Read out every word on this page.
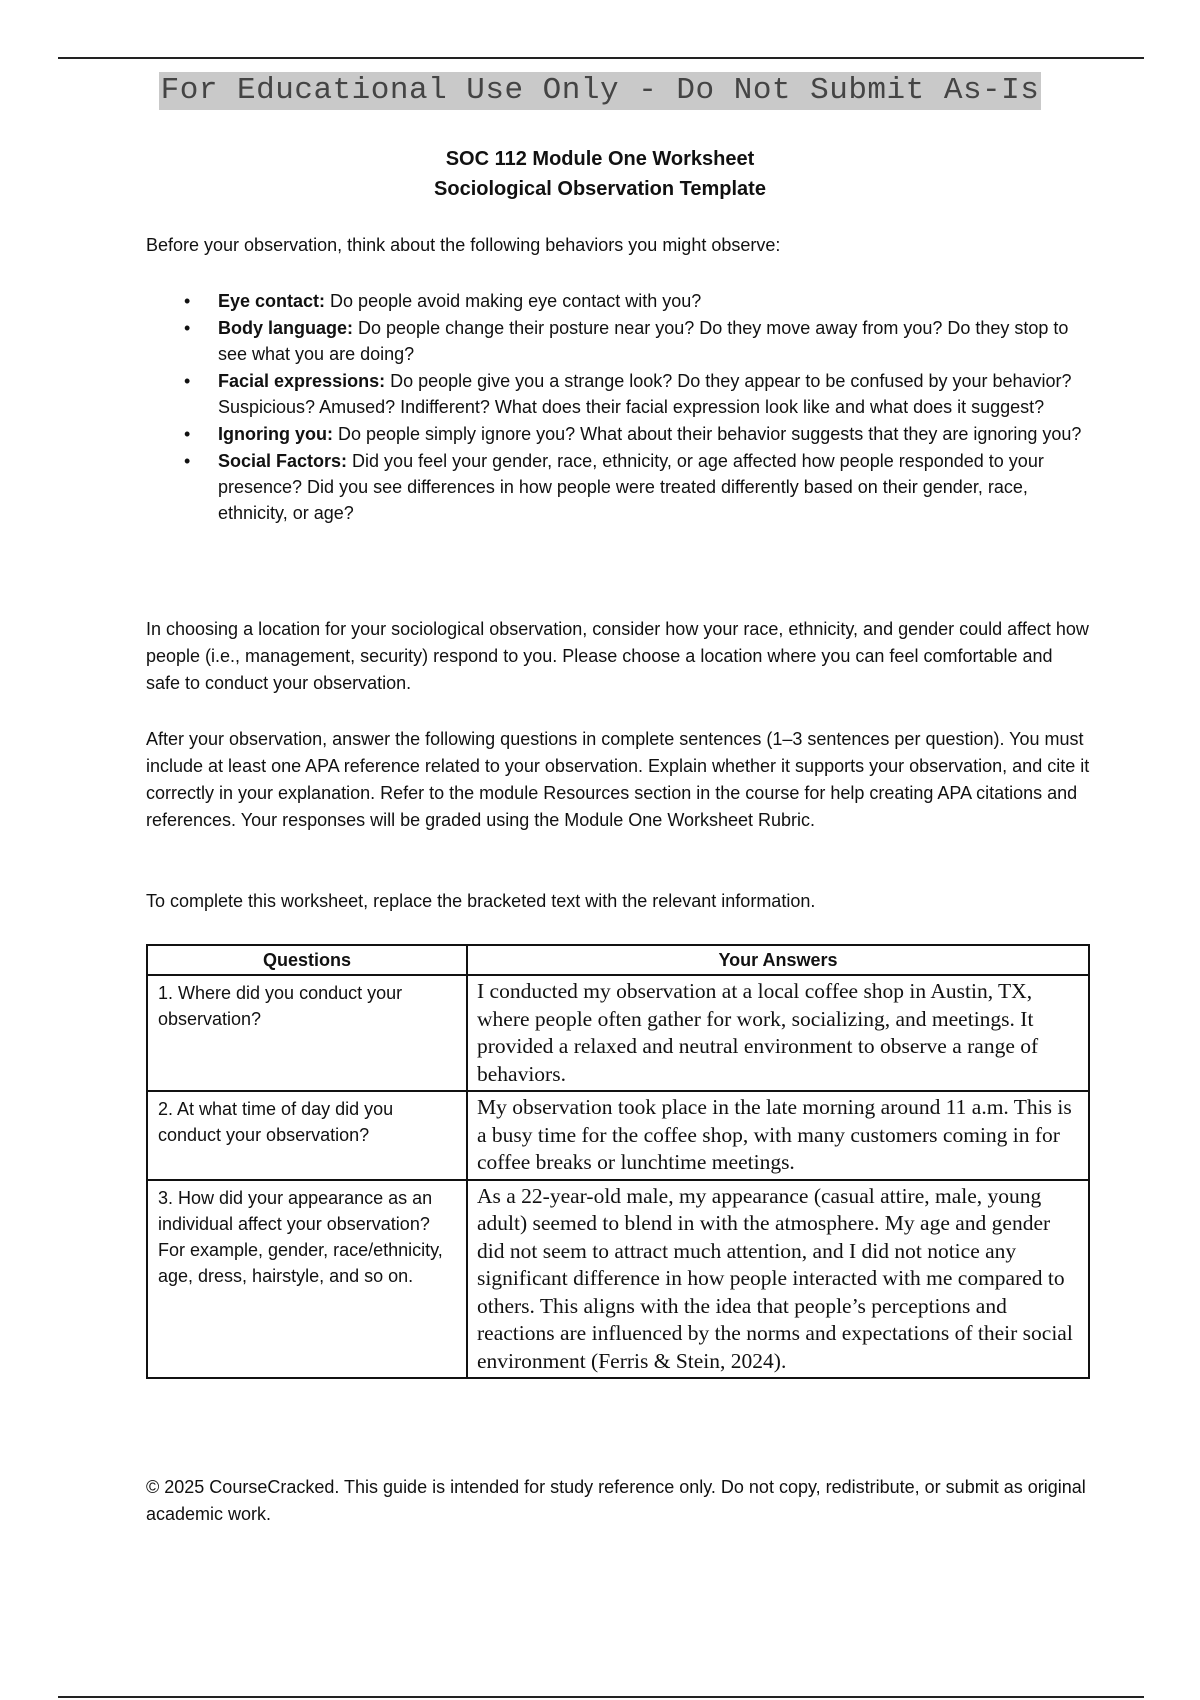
For Educational Use Only - Do Not Submit As-Is
SOC 112 Module One Worksheet
Sociological Observation Template
Before your observation, think about the following behaviors you might observe:
• Eye contact: Do people avoid making eye contact with you?
• Body language: Do people change their posture near you? Do they move away from you? Do they stop to see what you are doing?
• Facial expressions: Do people give you a strange look? Do they appear to be confused by your behavior? Suspicious? Amused? Indifferent? What does their facial expression look like and what does it suggest?
• Ignoring you: Do people simply ignore you? What about their behavior suggests that they are ignoring you?
• Social Factors: Did you feel your gender, race, ethnicity, or age affected how people responded to your presence? Did you see differences in how people were treated differently based on their gender, race, ethnicity, or age?
In choosing a location for your sociological observation, consider how your race, ethnicity, and gender could affect how people (i.e., management, security) respond to you. Please choose a location where you can feel comfortable and safe to conduct your observation.
After your observation, answer the following questions in complete sentences (1–3 sentences per question). You must include at least one APA reference related to your observation. Explain whether it supports your observation, and cite it correctly in your explanation. Refer to the module Resources section in the course for help creating APA citations and references. Your responses will be graded using the Module One Worksheet Rubric.
To complete this worksheet, replace the bracketed text with the relevant information.
Questions	Your Answers
1. Where did you conduct your observation?	I conducted my observation at a local coffee shop in Austin, TX, where people often gather for work, socializing, and meetings. It provided a relaxed and neutral environment to observe a range of behaviors.
2. At what time of day did you conduct your observation?	My observation took place in the late morning around 11 a.m. This is a busy time for the coffee shop, with many customers coming in for coffee breaks or lunchtime meetings.
3. How did your appearance as an individual affect your observation? For example, gender, race/ethnicity, age, dress, hairstyle, and so on.	As a 22-year-old male, my appearance (casual attire, male, young adult) seemed to blend in with the atmosphere. My age and gender did not seem to attract much attention, and I did not notice any significant difference in how people interacted with me compared to others. This aligns with the idea that people’s perceptions and reactions are influenced by the norms and expectations of their social environment (Ferris & Stein, 2024).
© 2025 CourseCracked. This guide is intended for study reference only. Do not copy, redistribute, or submit as original academic work.
